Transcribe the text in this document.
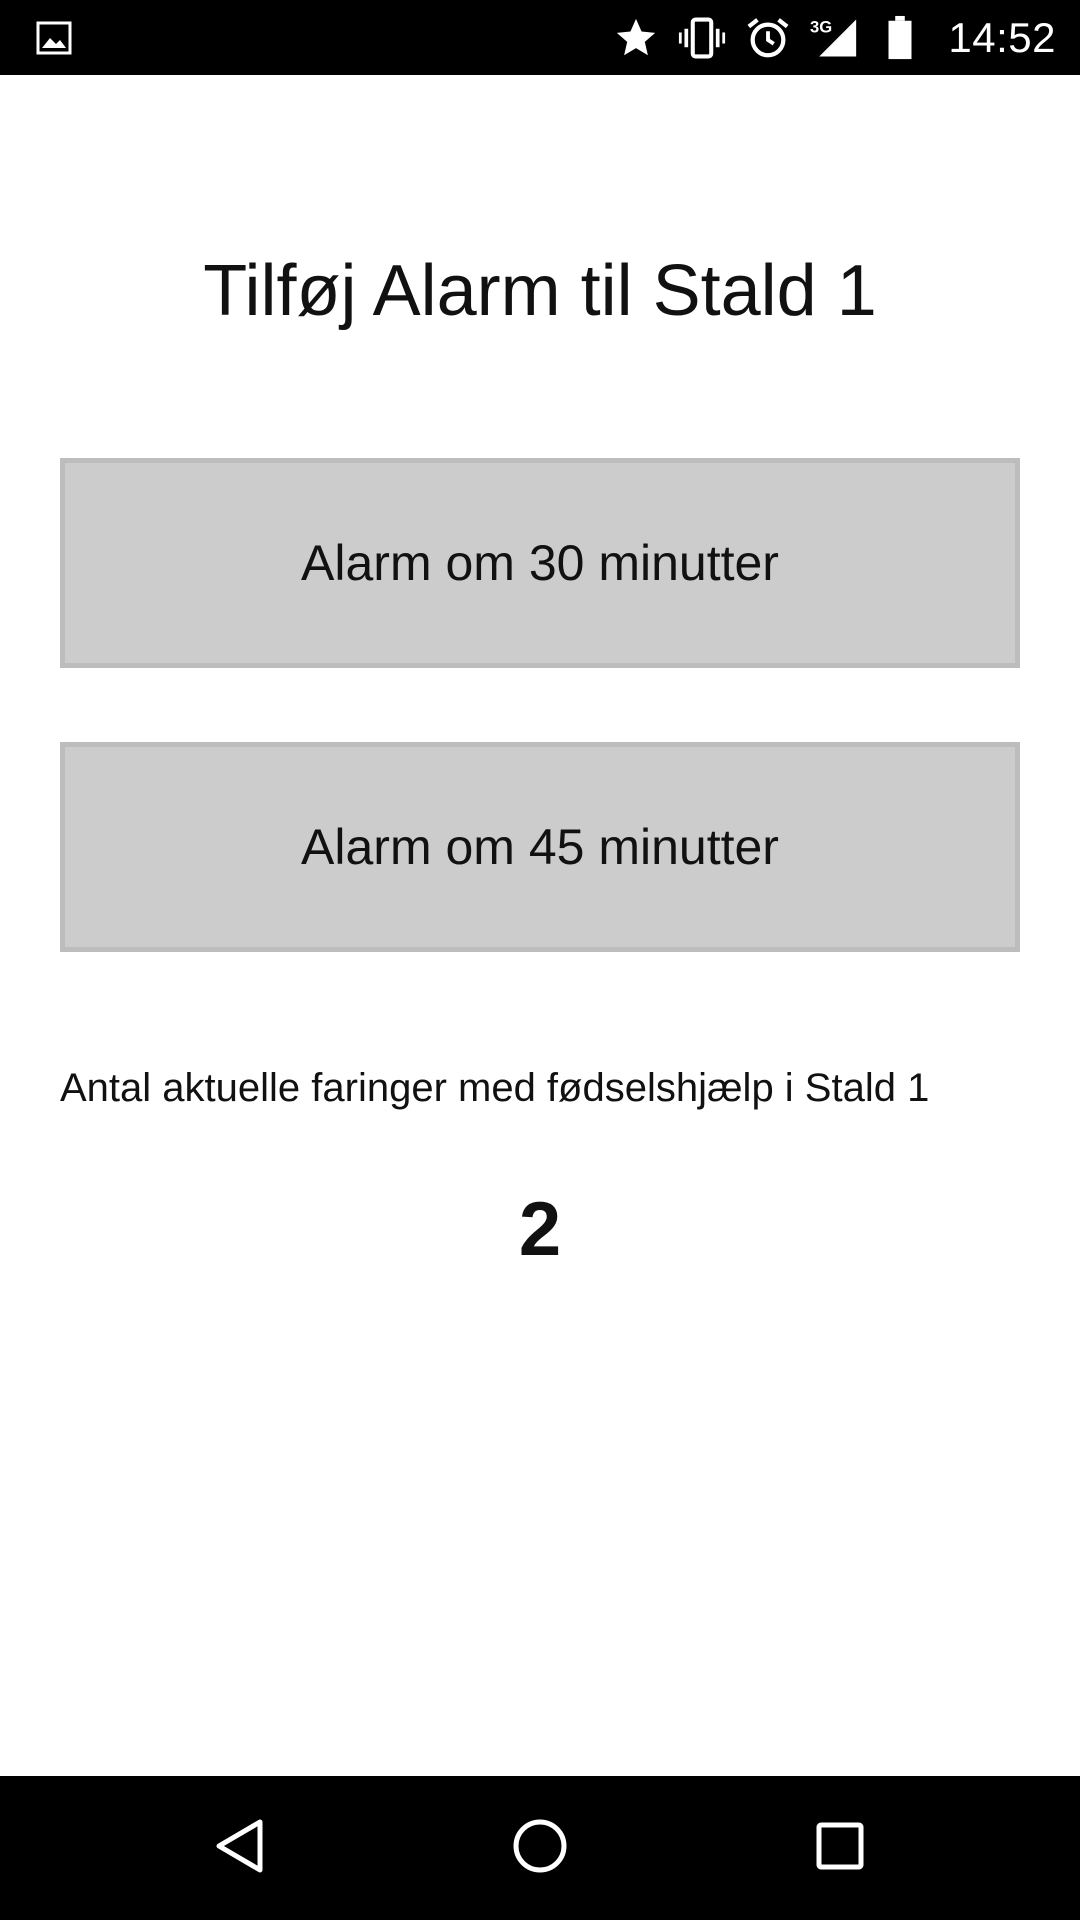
3G	14:52
Tilføj Alarm til Stald 1
Alarm om 30 minutter
Alarm om 45 minutter
Antal aktuelle faringer med fødselshjælp i Stald 1
2
